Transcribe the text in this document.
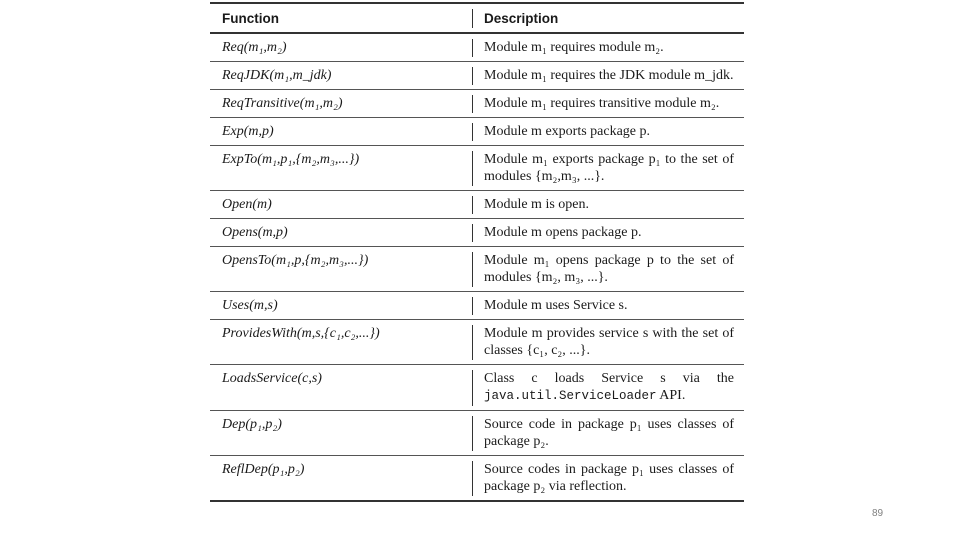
Function	Description
Req(m₁,m₂)	Module m₁ requires module m₂.
ReqJDK(m₁,m_jdk)	Module m₁ requires the JDK module m_jdk.
ReqTransitive(m₁,m₂)	Module m₁ requires transitive module m₂.
Exp(m,p)	Module m exports package p.
ExpTo(m₁,p₁,{m₂,m₃,...})	Module m₁ exports package p₁ to the set of modules {m₂,m₃, ...}.
Open(m)	Module m is open.
Opens(m,p)	Module m opens package p.
OpensTo(m₁,p,{m₂,m₃,...})	Module m₁ opens package p to the set of modules {m₂, m₃, ...}.
Uses(m,s)	Module m uses Service s.
ProvidesWith(m,s,{c₁,c₂,...})	Module m provides service s with the set of classes {c₁, c₂, ...}.
LoadsService(c,s)	Class c loads Service s via the java.util.ServiceLoader API.
Dep(p₁,p₂)	Source code in package p₁ uses classes of package p₂.
ReflDep(p₁,p₂)	Source codes in package p₁ uses classes of package p₂ via reflection.
89
